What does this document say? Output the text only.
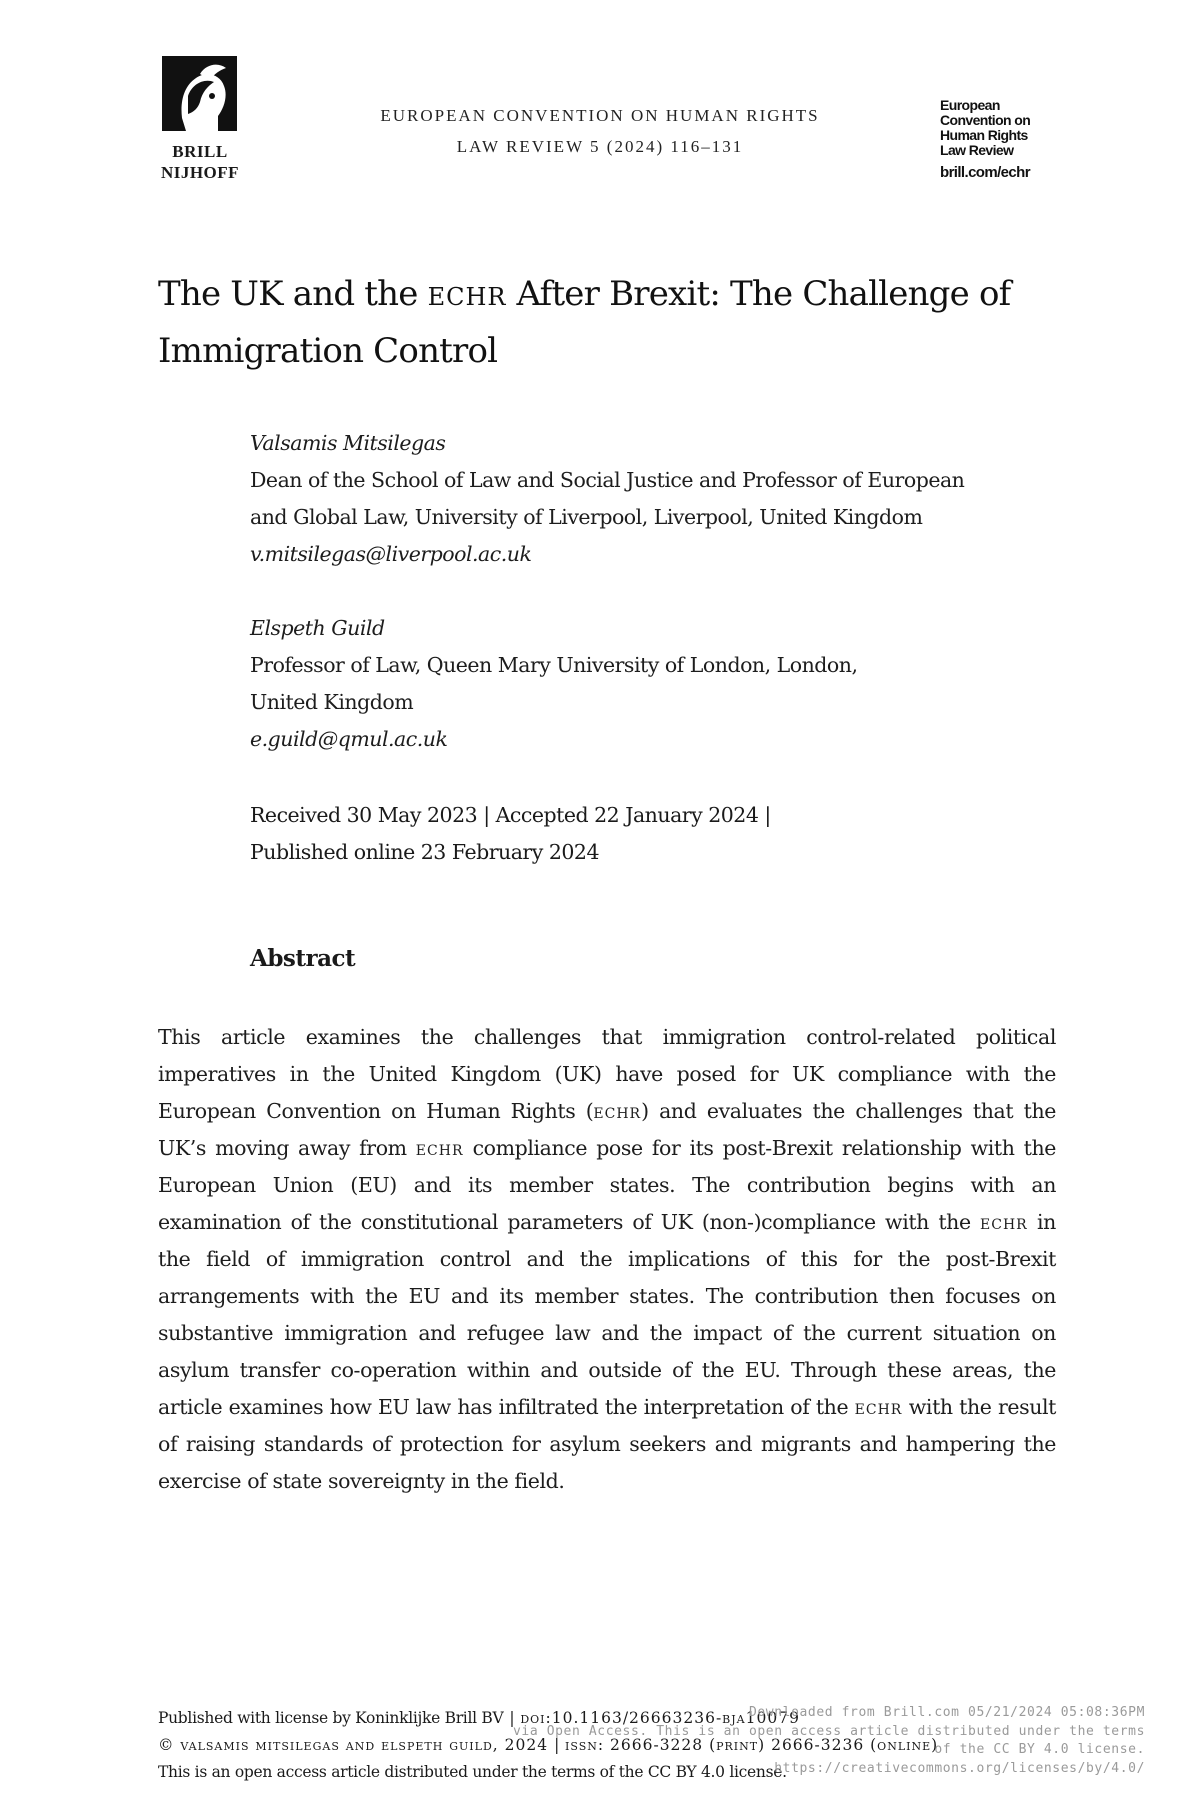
BRILL
NIJHOFF
EUROPEAN CONVENTION ON HUMAN RIGHTS
LAW REVIEW 5 (2024) 116–131
European
Convention on
Human Rights
Law Review
brill.com/echr
The UK and the echr After Brexit: The Challenge of Immigration Control
Valsamis Mitsilegas
Dean of the School of Law and Social Justice and Professor of European
and Global Law, University of Liverpool, Liverpool, United Kingdom
v.mitsilegas@liverpool.ac.uk
Elspeth Guild
Professor of Law, Queen Mary University of London, London,
United Kingdom
e.guild@qmul.ac.uk
Received 30 May 2023 | Accepted 22 January 2024 |
Published online 23 February 2024
Abstract

This article examines the challenges that immigration control-related political imperatives in the United Kingdom (UK) have posed for UK compliance with the European Convention on Human Rights (echr) and evaluates the challenges that the UK’s moving away from echr compliance pose for its post-Brexit relationship with the European Union (EU) and its member states. The contribution begins with an examination of the constitutional parameters of UK (non-)compliance with the echr in the field of immigration control and the implications of this for the post-Brexit arrangements with the EU and its member states. The contribution then focuses on substantive immigration and refugee law and the impact of the current situation on asylum transfer co-operation within and outside of the EU. Through these areas, the article examines how EU law has infiltrated the interpretation of the echr with the result of raising standards of protection for asylum seekers and migrants and hampering the exercise of state sovereignty in the field.

Published with license by Koninklijke Brill BV | doi:10.1163/26663236-bja10079
© valsamis mitsilegas and elspeth guild, 2024 | issn: 2666-3228 (print) 2666-3236 (online)
This is an open access article distributed under the terms of the CC BY 4.0 license.
Downloaded from Brill.com 05/21/2024 05:08:36PM
via Open Access. This is an open access article distributed under the terms
of the CC BY 4.0 license.
https://creativecommons.org/licenses/by/4.0/
